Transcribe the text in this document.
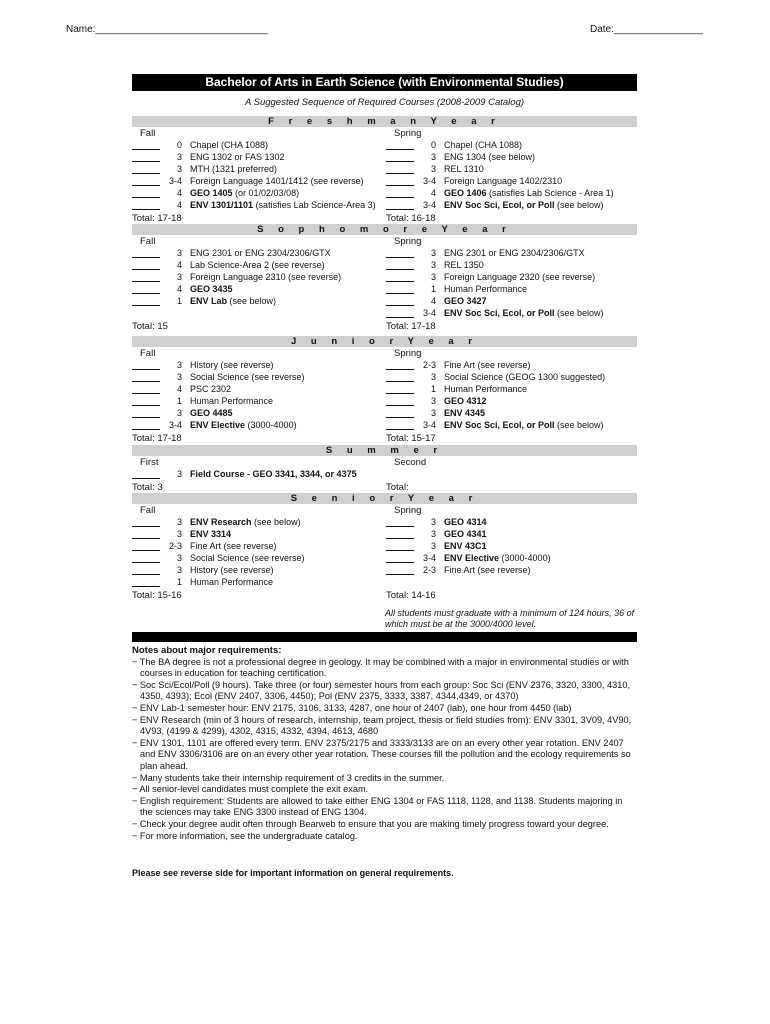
Name:_______________________________	Date:________________
Bachelor of Arts in Earth Science (with Environmental Studies)
A Suggested Sequence of Required Courses (2008-2009 Catalog)
F r e s h m a n Y e a r
Fall
0 Chapel (CHA 1088)
3 ENG 1302 or FAS 1302
3 MTH (1321 preferred)
3-4 Foreign Language 1401/1412 (see reverse)
4 GEO 1405 (or 01/02/03/08)
4 ENV 1301/1101 (satisfies Lab Science-Area 3)
Total: 17-18
Spring
0 Chapel (CHA 1088)
3 ENG 1304 (see below)
3 REL 1310
3-4 Foreign Language 1402/2310
4 GEO 1406 (satisfies Lab Science - Area 1)
3-4 ENV Soc Sci, Ecol, or Poll (see below)
Total: 16-18
S o p h o m o r e Y e a r
Fall
3 ENG 2301 or ENG 2304/2306/GTX
4 Lab Science-Area 2 (see reverse)
3 Foreign Language 2310 (see reverse)
4 GEO 3435
1 ENV Lab (see below)
Total: 15
Spring
3 ENG 2301 or ENG 2304/2306/GTX
3 REL 1350
3 Foreign Language 2320 (see reverse)
1 Human Performance
4 GEO 3427
3-4 ENV Soc Sci, Ecol, or Poll (see below)
Total: 17-18
J u n i o r Y e a r
Fall
3 History (see reverse)
3 Social Science (see reverse)
4 PSC 2302
1 Human Performance
3 GEO 4485
3-4 ENV Elective (3000-4000)
Total: 17-18
Spring
2-3 Fine Art (see reverse)
3 Social Science (GEOG 1300 suggested)
1 Human Performance
3 GEO 4312
3 ENV 4345
3-4 ENV Soc Sci, Ecol, or Poll (see below)
Total: 15-17
S u m m e r
First
3 Field Course - GEO 3341, 3344, or 4375
Total: 3
Second
Total:
S e n i o r Y e a r
Fall
3 ENV Research (see below)
3 ENV 3314
2-3 Fine Art (see reverse)
3 Social Science (see reverse)
3 History (see reverse)
1 Human Performance
Total: 15-16
Spring
3 GEO 4314
3 GEO 4341
3 ENV 43C1
3-4 ENV Elective (3000-4000)
2-3 Fine Art (see reverse)
Total: 14-16
All students must graduate with a minimum of 124 hours, 36 of which must be at the 3000/4000 level.
Notes about major requirements:
− The BA degree is not a professional degree in geology. It may be combined with a major in environmental studies or with courses in education for teaching certification.
− Soc Sci/Ecol/Poll (9 hours). Take three (or four) semester hours from each group: Soc Sci (ENV 2376, 3320, 3300, 4310, 4350, 4393); Ecol (ENV 2407, 3306, 4450); Pol (ENV 2375, 3333, 3387, 4344,4349, or 4370)
− ENV Lab-1 semester hour: ENV 2175, 3106, 3133, 4287, one hour of 2407 (lab), one hour from 4450 (lab)
− ENV Research (min of 3 hours of research, internship, team project, thesis or field studies from): ENV 3301, 3V09, 4V90, 4V93, (4199 & 4299), 4302, 4315, 4332, 4394, 4613, 4680
− ENV 1301, 1101 are offered every term. ENV 2375/2175 and 3333/3133 are on an every other year rotation. ENV 2407 and ENV 3306/3106 are on an every other year rotation. These courses fill the pollution and the ecology requirements so plan ahead.
− Many students take their internship requirement of 3 credits in the summer.
− All senior-level candidates must complete the exit exam.
− English requirement: Students are allowed to take either ENG 1304 or FAS 1118, 1128, and 1138. Students majoring in the sciences may take ENG 3300 instead of ENG 1304.
− Check your degree audit often through Bearweb to ensure that you are making timely progress toward your degree.
− For more information, see the undergraduate catalog.
Please see reverse side for important information on general requirements.
